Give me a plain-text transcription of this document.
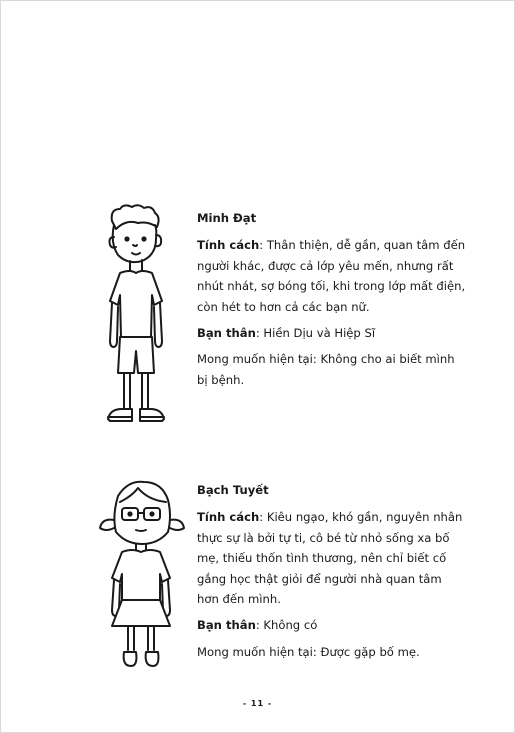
Minh Đạt
Tính cách: Thân thiện, dễ gần, quan tâm đến người khác, được cả lớp yêu mến, nhưng rất nhút nhát, sợ bóng tối, khi trong lớp mất điện, còn hét to hơn cả các bạn nữ.
Bạn thân: Hiền Dịu và Hiệp Sĩ
Mong muốn hiện tại: Không cho ai biết mình bị bệnh.
Bạch Tuyết
Tính cách: Kiêu ngạo, khó gần, nguyên nhân thực sự là bởi tự ti, cô bé từ nhỏ sống xa bố mẹ, thiếu thốn tình thương, nên chỉ biết cố gắng học thật giỏi để người nhà quan tâm hơn đến mình.
Bạn thân: Không có
Mong muốn hiện tại: Được gặp bố mẹ.
- 11 -
